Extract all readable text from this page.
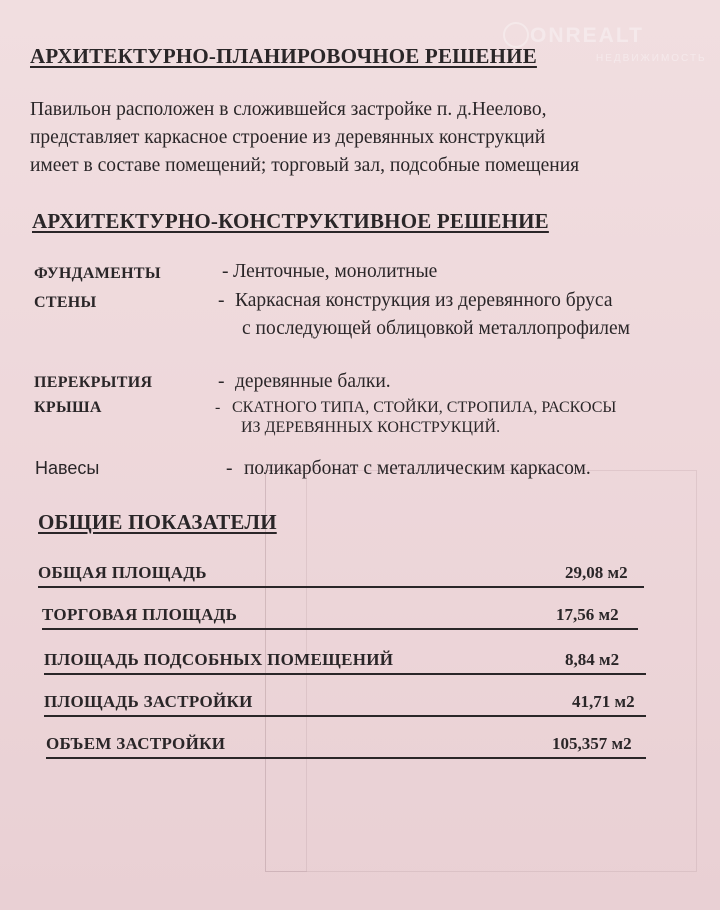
ONREALT
НЕДВИЖИМОСТЬ
АРХИТЕКТУРНО-ПЛАНИРОВОЧНОЕ РЕШЕНИЕ
Павильон расположен в сложившейся застройке п. д.Неелово,
представляет каркасное строение из деревянных конструкций
имеет в составе помещений; торговый зал, подсобные помещения
АРХИТЕКТУРНО-КОНСТРУКТИВНОЕ РЕШЕНИЕ
ФУНДАМЕНТЫ	- Ленточные, монолитные
СТЕНЫ	- Каркасная конструкция из деревянного бруса
с последующей облицовкой металлопрофилем
ПЕРЕКРЫТИЯ	- деревянные балки.
КРЫША	- СКАТНОГО ТИПА, СТОЙКИ, СТРОПИЛА, РАСКОСЫ
ИЗ ДЕРЕВЯННЫХ КОНСТРУКЦИЙ.
Навесы	- поликарбонат с металлическим каркасом.
ОБЩИЕ ПОКАЗАТЕЛИ
ОБЩАЯ ПЛОЩАДЬ	29,08 м2
ТОРГОВАЯ ПЛОЩАДЬ	17,56 м2
ПЛОЩАДЬ ПОДСОБНЫХ ПОМЕЩЕНИЙ	8,84 м2
ПЛОЩАДЬ ЗАСТРОЙКИ	41,71 м2
ОБЪЕМ ЗАСТРОЙКИ	105,357 м2
